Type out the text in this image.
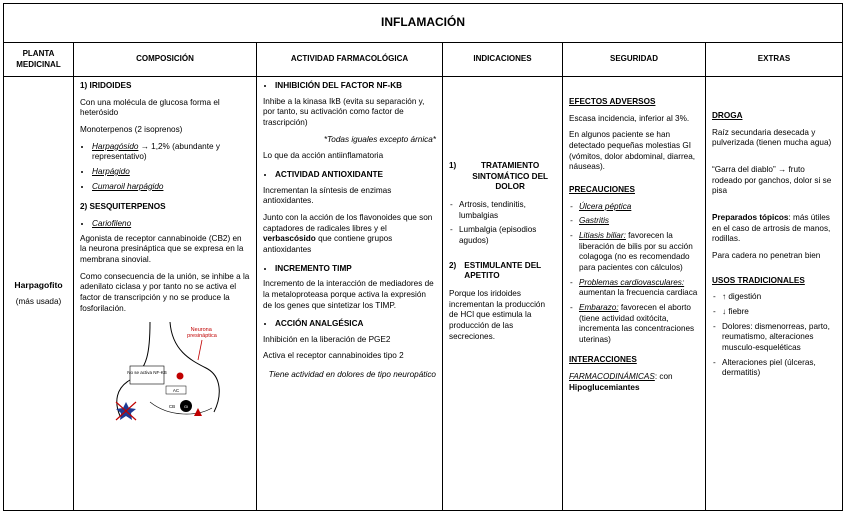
INFLAMACIÓN
PLANTA MEDICINAL
Harpagofito
(más usada)
COMPOSICIÓN

1) IRIDOIDES

Con una molécula de glucosa forma el heterósido

Monoterpenos (2 isoprenos)

• Harpagósido → 1,2% (abundante y representativo)
• Harpágido
• Cumaroil harpágido

2) SESQUITERPENOS

• Cariofileno

Agonista de receptor cannabinoide (CB2) en la neurona presináptica que se expresa en la membrana sinovial.

Como consecuencia de la unión, se inhibe a la adenilato ciclasa y por tanto no se activa el factor de transcripción y no se produce la fosforilación.

Neurona presináptica
No se activa NF-KB
AC
CB Gi
ACTIVIDAD FARMACOLÓGICA
• INHIBICIÓN DEL FACTOR NF-KB

Inhibe a la kinasa IkB (evita su separación y, por tanto, su activación como factor de trascripción)

*Todas iguales excepto árnica*

Lo que da acción antiinflamatoria

• ACTIVIDAD ANTIOXIDANTE

Incrementan la síntesis de enzimas antioxidantes.

Junto con la acción de los flavonoides que son captadores de radicales libres y el verbascósido que contiene grupos antioxidantes

• INCREMENTO TIMP

Incremento de la interacción de mediadores de la metaloproteasa porque activa la expresión de los genes que sintetizar los TIMP.

• ACCIÓN ANALGÉSICA

Inhibición en la liberación de PGE2

Activa el receptor cannabinoides tipo 2

Tiene actividad en dolores de tipo neuropático

INDICACIONES
1)	TRATAMIENTO SINTOMÁTICO DEL DOLOR
- Artrosis, tendinitis, lumbalgias
- Lumbalgia (episodios agudos)
2) ESTIMULANTE DEL APETITO

Porque los iridoides incrementan la producción de HCl que estimula la producción de las secreciones.

SEGURIDAD

EFECTOS ADVERSOS

Escasa incidencia, inferior al 3%.

En algunos paciente se han detectado pequeñas molestias GI (vómitos, dolor abdominal, diarrea, náuseas).

PRECAUCIONES

- Úlcera péptica
- Gastritis
- Litiasis biliar: favorecen la liberación de bilis por su acción colagoga (no es recomendado para pacientes con cálculos)
- Problemas cardiovasculares: aumentan la frecuencia cardiaca
- Embarazo: favorecen el aborto (tiene actividad oxitócita, incrementa las concentraciones uterinas)

INTERACCIONES

FARMACODINÁMICAS: con
Hipoglucemiantes

EXTRAS

DROGA

Raíz secundaria desecada y pulverizada (tienen mucha agua)

“Garra del diablo” → fruto rodeado por ganchos, dolor si se pisa

Preparados tópicos: más útiles en el caso de artrosis de manos, rodillas.

Para cadera no penetran bien

USOS TRADICIONALES

- ↑ digestión
- ↓ fiebre
- Dolores: dismenorreas, parto, reumatismo, alteraciones musculo-esqueléticas
- Alteraciones piel (úlceras, dermatitis)
